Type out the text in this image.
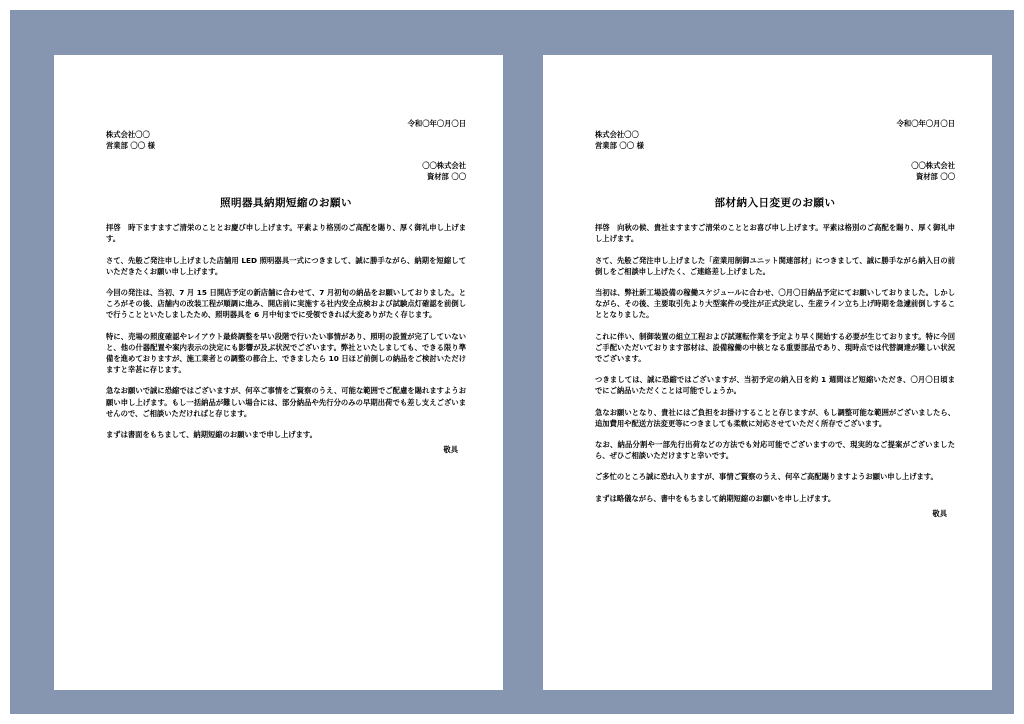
令和〇年〇月〇日
株式会社〇〇
営業部 〇〇 様
〇〇株式会社
資材部 〇〇
照明器具納期短縮のお願い
拝啓　時下ますますご清栄のこととお慶び申し上げます。平素より格別のご高配を賜り、厚く御礼申し上げます。
さて、先般ご発注申し上げました店舗用 LED 照明器具一式につきまして、誠に勝手ながら、納期を短縮していただきたくお願い申し上げます。
今回の発注は、当初、7 月 15 日開店予定の新店舗に合わせて、7 月初旬の納品をお願いしておりました。ところがその後、店舗内の改装工程が順調に進み、開店前に実施する社内安全点検および試験点灯確認を前倒しで行うことといたしましたため、照明器具を 6 月中旬までに受領できれば大変ありがたく存じます。
特に、売場の照度確認やレイアウト最終調整を早い段階で行いたい事情があり、照明の設置が完了していないと、他の什器配置や案内表示の決定にも影響が及ぶ状況でございます。弊社といたしましても、できる限り準備を進めておりますが、施工業者との調整の都合上、できましたら 10 日ほど前倒しの納品をご検討いただけますと幸甚に存じます。
急なお願いで誠に恐縮ではございますが、何卒ご事情をご賢察のうえ、可能な範囲でご配慮を賜れますようお願い申し上げます。もし一括納品が難しい場合には、部分納品や先行分のみの早期出荷でも差し支えございませんので、ご相談いただければと存じます。
まずは書面をもちまして、納期短縮のお願いまで申し上げます。
敬具
令和〇年〇月〇日
株式会社〇〇
営業部 〇〇 様
〇〇株式会社
資材部 〇〇
部材納入日変更のお願い
拝啓　向秋の候、貴社ますますご清栄のこととお喜び申し上げます。平素は格別のご高配を賜り、厚く御礼申し上げます。
さて、先般ご発注申し上げました「産業用制御ユニット関連部材」につきまして、誠に勝手ながら納入日の前倒しをご相談申し上げたく、ご連絡差し上げました。
当初は、弊社新工場設備の稼働スケジュールに合わせ、〇月〇日納品予定にてお願いしておりました。しかしながら、その後、主要取引先より大型案件の受注が正式決定し、生産ライン立ち上げ時期を急遽前倒しすることとなりました。
これに伴い、制御装置の組立工程および試運転作業を予定より早く開始する必要が生じております。特に今回ご手配いただいております部材は、設備稼働の中核となる重要部品であり、現時点では代替調達が難しい状況でございます。
つきましては、誠に恐縮ではございますが、当初予定の納入日を約 1 週間ほど短縮いただき、〇月〇日頃までにご納品いただくことは可能でしょうか。
急なお願いとなり、貴社にはご負担をお掛けすることと存じますが、もし調整可能な範囲がございましたら、追加費用や配送方法変更等につきましても柔軟に対応させていただく所存でございます。
なお、納品分割や一部先行出荷などの方法でも対応可能でございますので、現実的なご提案がございましたら、ぜひご相談いただけますと幸いです。
ご多忙のところ誠に恐れ入りますが、事情ご賢察のうえ、何卒ご高配賜りますようお願い申し上げます。
まずは略儀ながら、書中をもちまして納期短縮のお願いを申し上げます。
敬具
